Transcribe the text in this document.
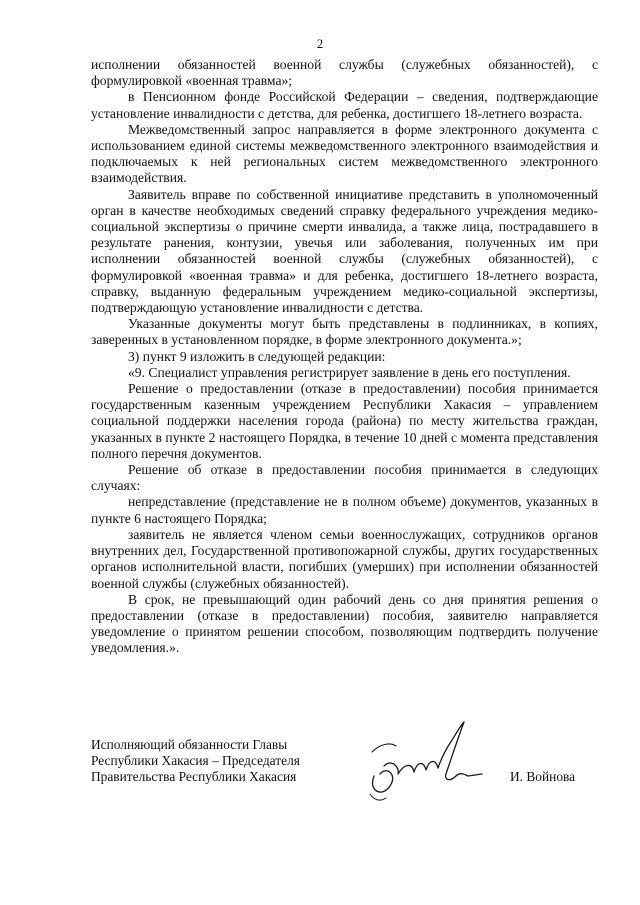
2

исполнении обязанностей военной службы (служебных обязанностей), с формулировкой «военная травма»;

в Пенсионном фонде Российской Федерации – сведения, подтверждающие установление инвалидности с детства, для ребенка, достигшего 18-летнего возраста.

Межведомственный запрос направляется в форме электронного документа с использованием единой системы межведомственного электронного взаимодействия и подключаемых к ней региональных систем межведомственного электронного взаимодействия.

Заявитель вправе по собственной инициативе представить в уполномоченный орган в качестве необходимых сведений справку федерального учреждения медико-социальной экспертизы о причине смерти инвалида, а также лица, пострадавшего в результате ранения, контузии, увечья или заболевания, полученных им при исполнении обязанностей военной службы (служебных обязанностей), с формулировкой «военная травма» и для ребенка, достигшего 18-летнего возраста, справку, выданную федеральным учреждением медико-социальной экспертизы, подтверждающую установление инвалидности с детства.

Указанные документы могут быть представлены в подлинниках, в копиях, заверенных в установленном порядке, в форме электронного документа.»;

3) пункт 9 изложить в следующей редакции:

«9. Специалист управления регистрирует заявление в день его поступления.

Решение о предоставлении (отказе в предоставлении) пособия принимается государственным казенным учреждением Республики Хакасия – управлением социальной поддержки населения города (района) по месту жительства граждан, указанных в пункте 2 настоящего Порядка, в течение 10 дней с момента представления полного перечня документов.

Решение об отказе в предоставлении пособия принимается в следующих случаях:

непредставление (представление не в полном объеме) документов, указанных в пункте 6 настоящего Порядка;

заявитель не является членом семьи военнослужащих, сотрудников органов внутренних дел, Государственной противопожарной службы, других государственных органов исполнительной власти, погибших (умерших) при исполнении обязанностей военной службы (служебных обязанностей).

В срок, не превышающий один рабочий день со дня принятия решения о предоставлении (отказе в предоставлении) пособия, заявителю направляется уведомление о принятом решении способом, позволяющим подтвердить получение уведомления.».

Исполняющий обязанности Главы
Республики Хакасия – Председателя
Правительства Республики Хакасия	И. Войнова
